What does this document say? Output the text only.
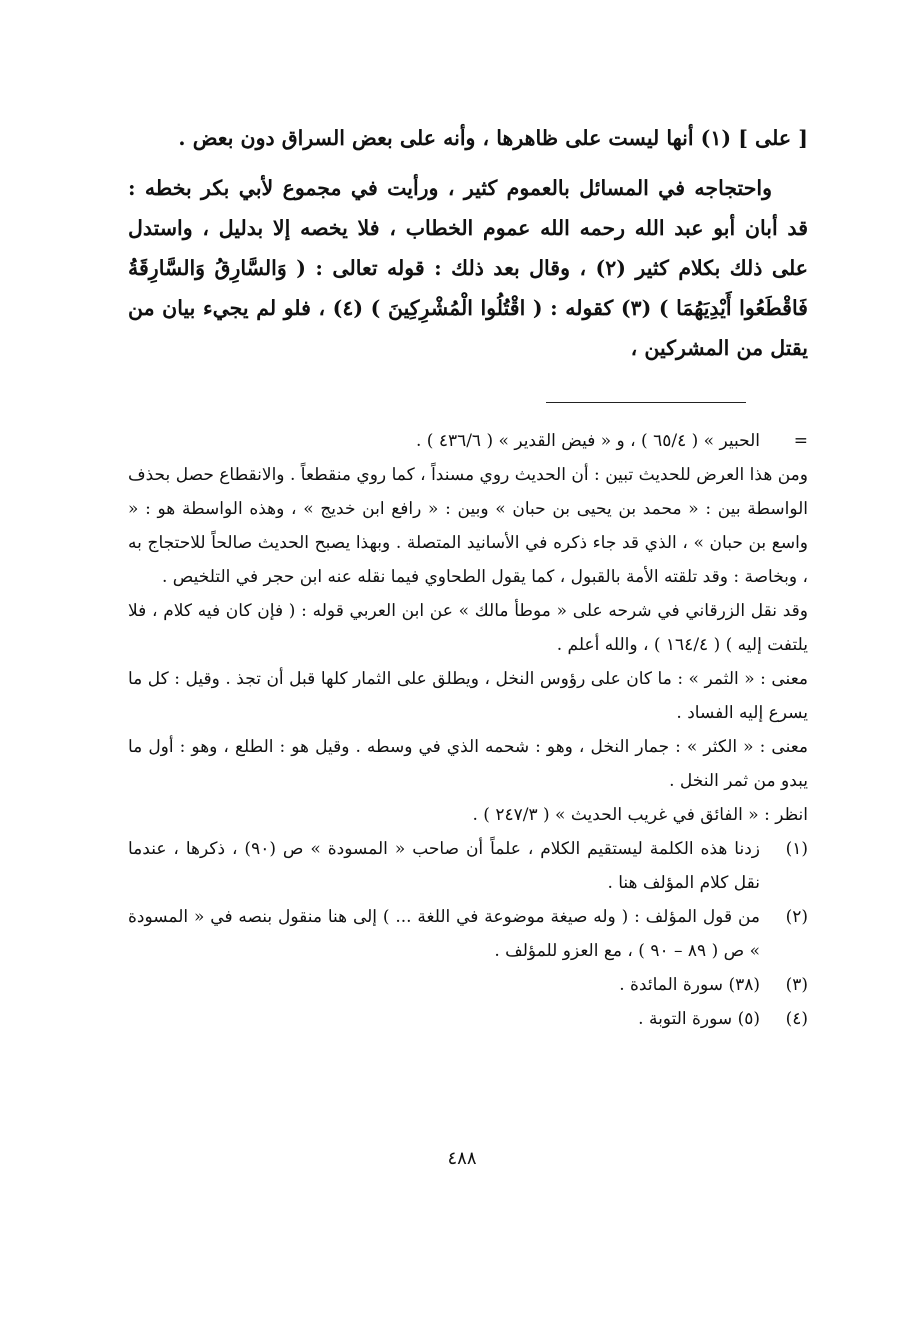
[ على ] (١) أنها ليست على ظاهرها ، وأنه على بعض السراق دون بعض .

واحتجاجه في المسائل بالعموم كثير ، ورأيت في مجموع لأبي بكر بخطه : قد أبان أبو عبد الله رحمه الله عموم الخطاب ، فلا يخصه إلا بدليل ، واستدل على ذلك بكلام كثير (٢) ، وقال بعد ذلك : قوله تعالى : ( وَالسَّارِقُ وَالسَّارِقَةُ فَاقْطَعُوا أَيْدِيَهُمَا ) (٣) كقوله : ( اقْتُلُوا الْمُشْرِكِينَ ) (٤) ، فلو لم يجيء بيان من يقتل من المشركين ،

=

الحبير » ( ٦٥/٤ ) ، و « فيض القدير » ( ٤٣٦/٦ ) .

ومن هذا العرض للحديث تبين : أن الحديث روي مسنداً ، كما روي منقطعاً . والانقطاع حصل بحذف الواسطة بين : « محمد بن يحيى بن حبان » وبين : « رافع ابن خديج » ، وهذه الواسطة هو : « واسع بن حبان » ، الذي قد جاء ذكره في الأسانيد المتصلة . وبهذا يصبح الحديث صالحاً للاحتجاج به ، وبخاصة : وقد تلقته الأمة بالقبول ، كما يقول الطحاوي فيما نقله عنه ابن حجر في التلخيص .

وقد نقل الزرقاني في شرحه على « موطأ مالك » عن ابن العربي قوله : ( فإن كان فيه كلام ، فلا يلتفت إليه ) ( ١٦٤/٤ ) ، والله أعلم .

معنى : « الثمر » : ما كان على رؤوس النخل ، ويطلق على الثمار كلها قبل أن تجذ . وقيل : كل ما يسرع إليه الفساد .

معنى : « الكثر » : جمار النخل ، وهو : شحمه الذي في وسطه . وقيل هو : الطلع ، وهو : أول ما يبدو من ثمر النخل .

انظر : « الفائق في غريب الحديث » ( ٢٤٧/٣ ) .

(١)

زدنا هذه الكلمة ليستقيم الكلام ، علماً أن صاحب « المسودة » ص (٩٠) ، ذكرها ، عندما نقل كلام المؤلف هنا .

(٢)

من قول المؤلف : ( وله صيغة موضوعة في اللغة ... ) إلى هنا منقول بنصه في « المسودة » ص ( ٨٩ – ٩٠ ) ، مع العزو للمؤلف .

(٣)

(٣٨) سورة المائدة .

(٤)

(٥) سورة التوبة .

٤٨٨
